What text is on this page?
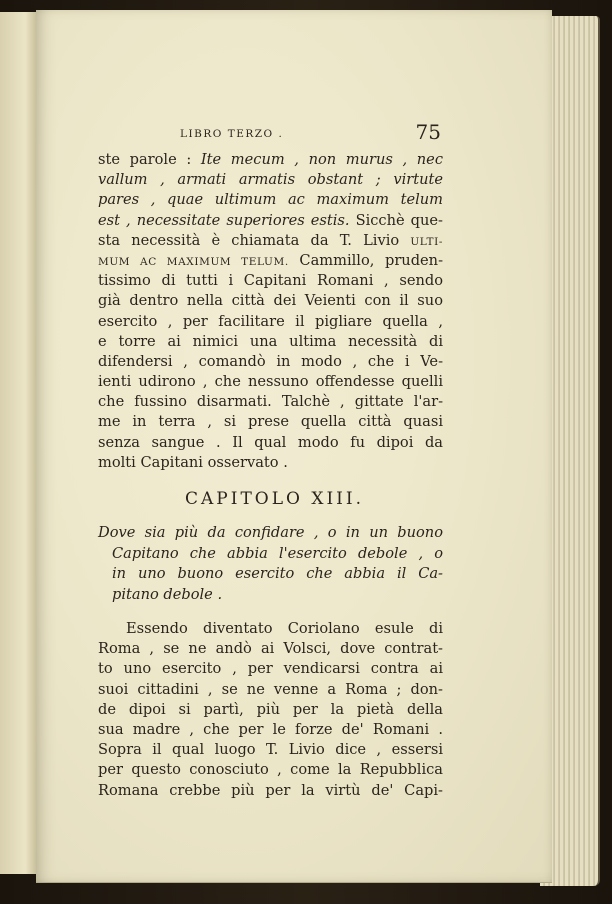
LIBRO TERZO .	75
ste parole : Ite mecum , non murus , nec
vallum , armati armatis obstant ; virtute
pares , quae ultimum ac maximum telum
est , necessitate superiores estis. Sicchè que-
sta necessità è chiamata da T. Livio ULTI-
MUM AC MAXIMUM TELUM. Cammillo, pruden-
tissimo di tutti i Capitani Romani , sendo
già dentro nella città dei Veienti con il suo
esercito , per facilitare il pigliare quella ,
e torre ai nimici una ultima necessità di
difendersi , comandò in modo , che i Ve-
ienti udirono , che nessuno offendesse quelli
che fussino disarmati. Talchè , gittate l'ar-
me in terra , si prese quella città quasi
senza sangue . Il qual modo fu dipoi da
molti Capitani osservato .
CAPITOLO XIII.
Dove sia più da confidare , o in un buono
Capitano che abbia l'esercito debole , o
in uno buono esercito che abbia il Ca-
pitano debole .
Essendo diventato Coriolano esule di
Roma , se ne andò ai Volsci, dove contrat-
to uno esercito , per vendicarsi contra ai
suoi cittadini , se ne venne a Roma ; don-
de dipoi si partì, più per la pietà della
sua madre , che per le forze de' Romani .
Sopra il qual luogo T. Livio dice , essersi
per questo conosciuto , come la Repubblica
Romana crebbe più per la virtù de' Capi-
